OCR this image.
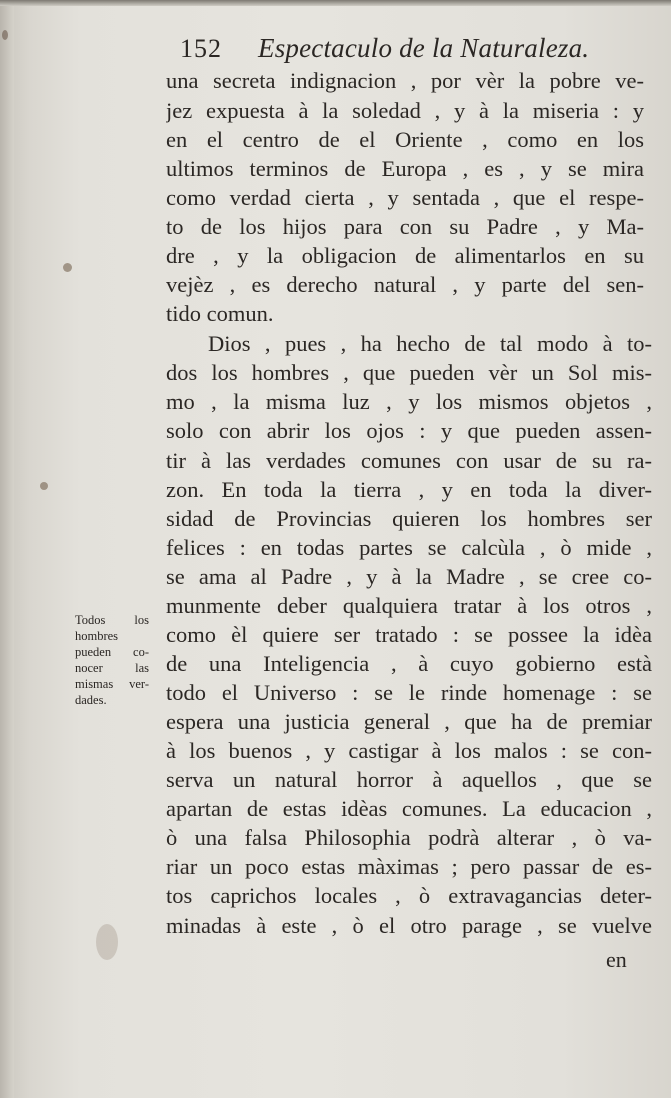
152 Espectaculo de la Naturaleza.
una secreta indignacion , por vèr la pobre ve-
jez expuesta à la soledad , y à la miseria : y
en el centro de el Oriente , como en los
ultimos terminos de Europa , es , y se mira
como verdad cierta , y sentada , que el respe-
to de los hijos para con su Padre , y Ma-
dre , y la obligacion de alimentarlos en su
vejèz , es derecho natural , y parte del sen-
tido comun.
Dios , pues , ha hecho de tal modo à to-
dos los hombres , que pueden vèr un Sol mis-
mo , la misma luz , y los mismos objetos ,
solo con abrir los ojos : y que pueden assen-
tir à las verdades comunes con usar de su ra-
zon. En toda la tierra , y en toda la diver-
sidad de Provincias quieren los hombres ser
felices : en todas partes se calcùla , ò mide ,
se ama al Padre , y à la Madre , se cree co-
munmente deber qualquiera tratar à los otros ,
como èl quiere ser tratado : se possee la idèa
de una Inteligencia , à cuyo gobierno està
todo el Universo : se le rinde homenage : se
espera una justicia general , que ha de premiar
à los buenos , y castigar à los malos : se con-
serva un natural horror à aquellos , que se
apartan de estas idèas comunes. La educacion ,
ò una falsa Philosophia podrà alterar , ò va-
riar un poco estas màximas ; pero passar de es-
tos caprichos locales , ò extravagancias deter-
minadas à este , ò el otro parage , se vuelve
en
Todos los
hombres
pueden co-
nocer las
mismas ver-
dades.
